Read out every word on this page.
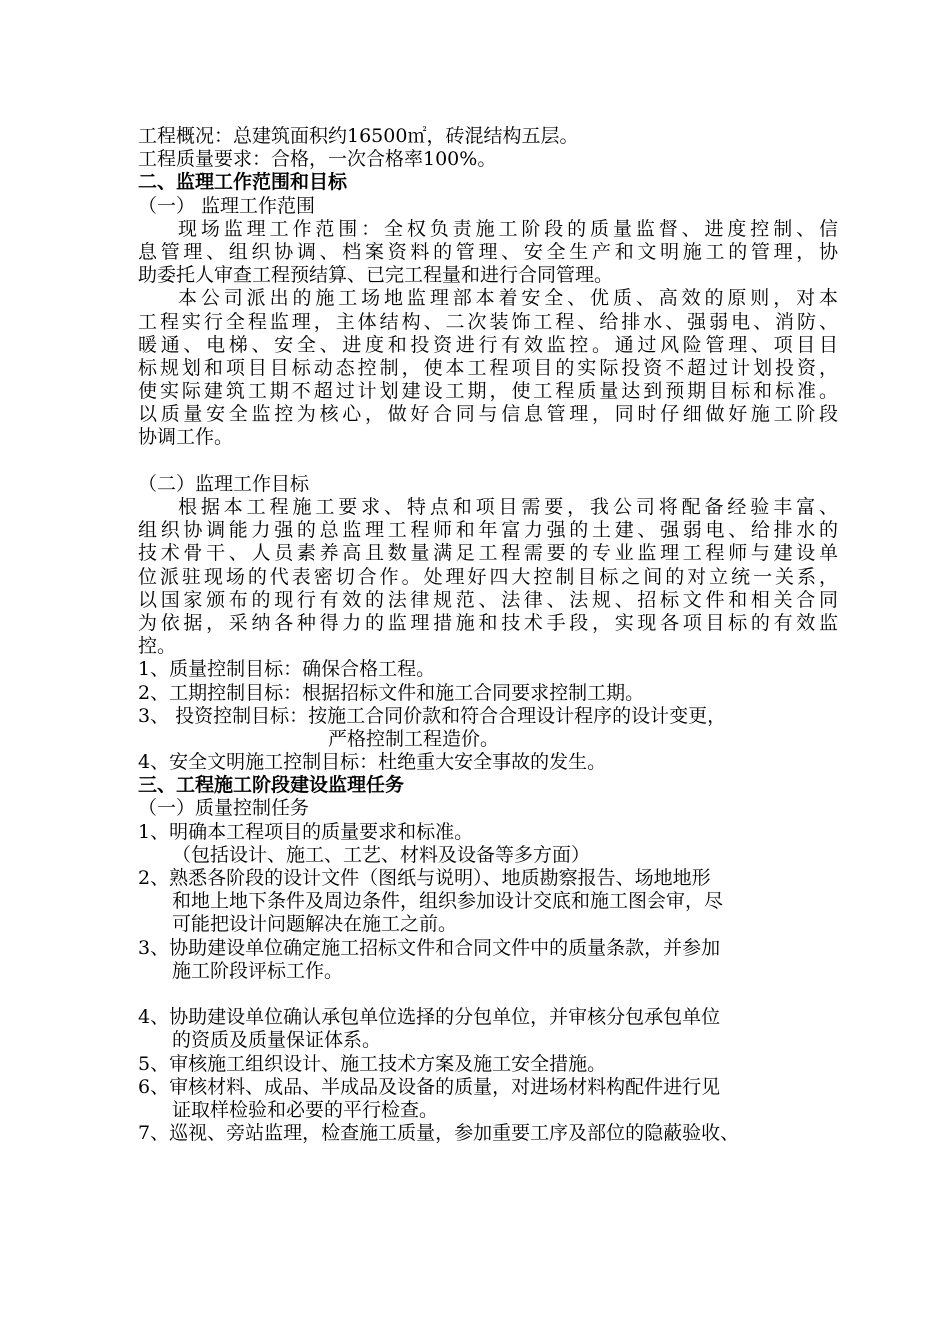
工程概况：总建筑面积约16500㎡，砖混结构五层。
工程质量要求：合格，一次合格率100%。
二、监理工作范围和目标
（一） 监理工作范围
现场监理工作范围：全权负责施工阶段的质量监督、进度控制、信
息管理、组织协调、档案资料的管理、安全生产和文明施工的管理，协
助委托人审查工程预结算、已完工程量和进行合同管理。
本公司派出的施工场地监理部本着安全、优质、高效的原则，对本
工程实行全程监理，主体结构、二次装饰工程、给排水、强弱电、消防、
暖通、电梯、安全、进度和投资进行有效监控。通过风险管理、项目目
标规划和项目目标动态控制，使本工程项目的实际投资不超过计划投资，
使实际建筑工期不超过计划建设工期，使工程质量达到预期目标和标准。
以质量安全监控为核心，做好合同与信息管理，同时仔细做好施工阶段
协调工作。
（二）监理工作目标
根据本工程施工要求、特点和项目需要，我公司将配备经验丰富、
组织协调能力强的总监理工程师和年富力强的土建、强弱电、给排水的
技术骨干、人员素养高且数量满足工程需要的专业监理工程师与建设单
位派驻现场的代表密切合作。处理好四大控制目标之间的对立统一关系，
以国家颁布的现行有效的法律规范、法律、法规、招标文件和相关合同
为依据，采纳各种得力的监理措施和技术手段，实现各项目标的有效监
控。
1、质量控制目标：确保合格工程。
2、工期控制目标：根据招标文件和施工合同要求控制工期。
3、 投资控制目标：按施工合同价款和符合合理设计程序的设计变更，
严格控制工程造价。
4、安全文明施工控制目标：杜绝重大安全事故的发生。
三、工程施工阶段建设监理任务
（一）质量控制任务
1、明确本工程项目的质量要求和标准。
（包括设计、施工、工艺、材料及设备等多方面）
2、熟悉各阶段的设计文件（图纸与说明）、地质勘察报告、场地地形
和地上地下条件及周边条件，组织参加设计交底和施工图会审，尽
可能把设计问题解决在施工之前。
3、协助建设单位确定施工招标文件和合同文件中的质量条款，并参加
施工阶段评标工作。
4、协助建设单位确认承包单位选择的分包单位，并审核分包承包单位
的资质及质量保证体系。
5、审核施工组织设计、施工技术方案及施工安全措施。
6、审核材料、成品、半成品及设备的质量，对进场材料构配件进行见
证取样检验和必要的平行检查。
7、巡视、旁站监理，检查施工质量，参加重要工序及部位的隐蔽验收、
